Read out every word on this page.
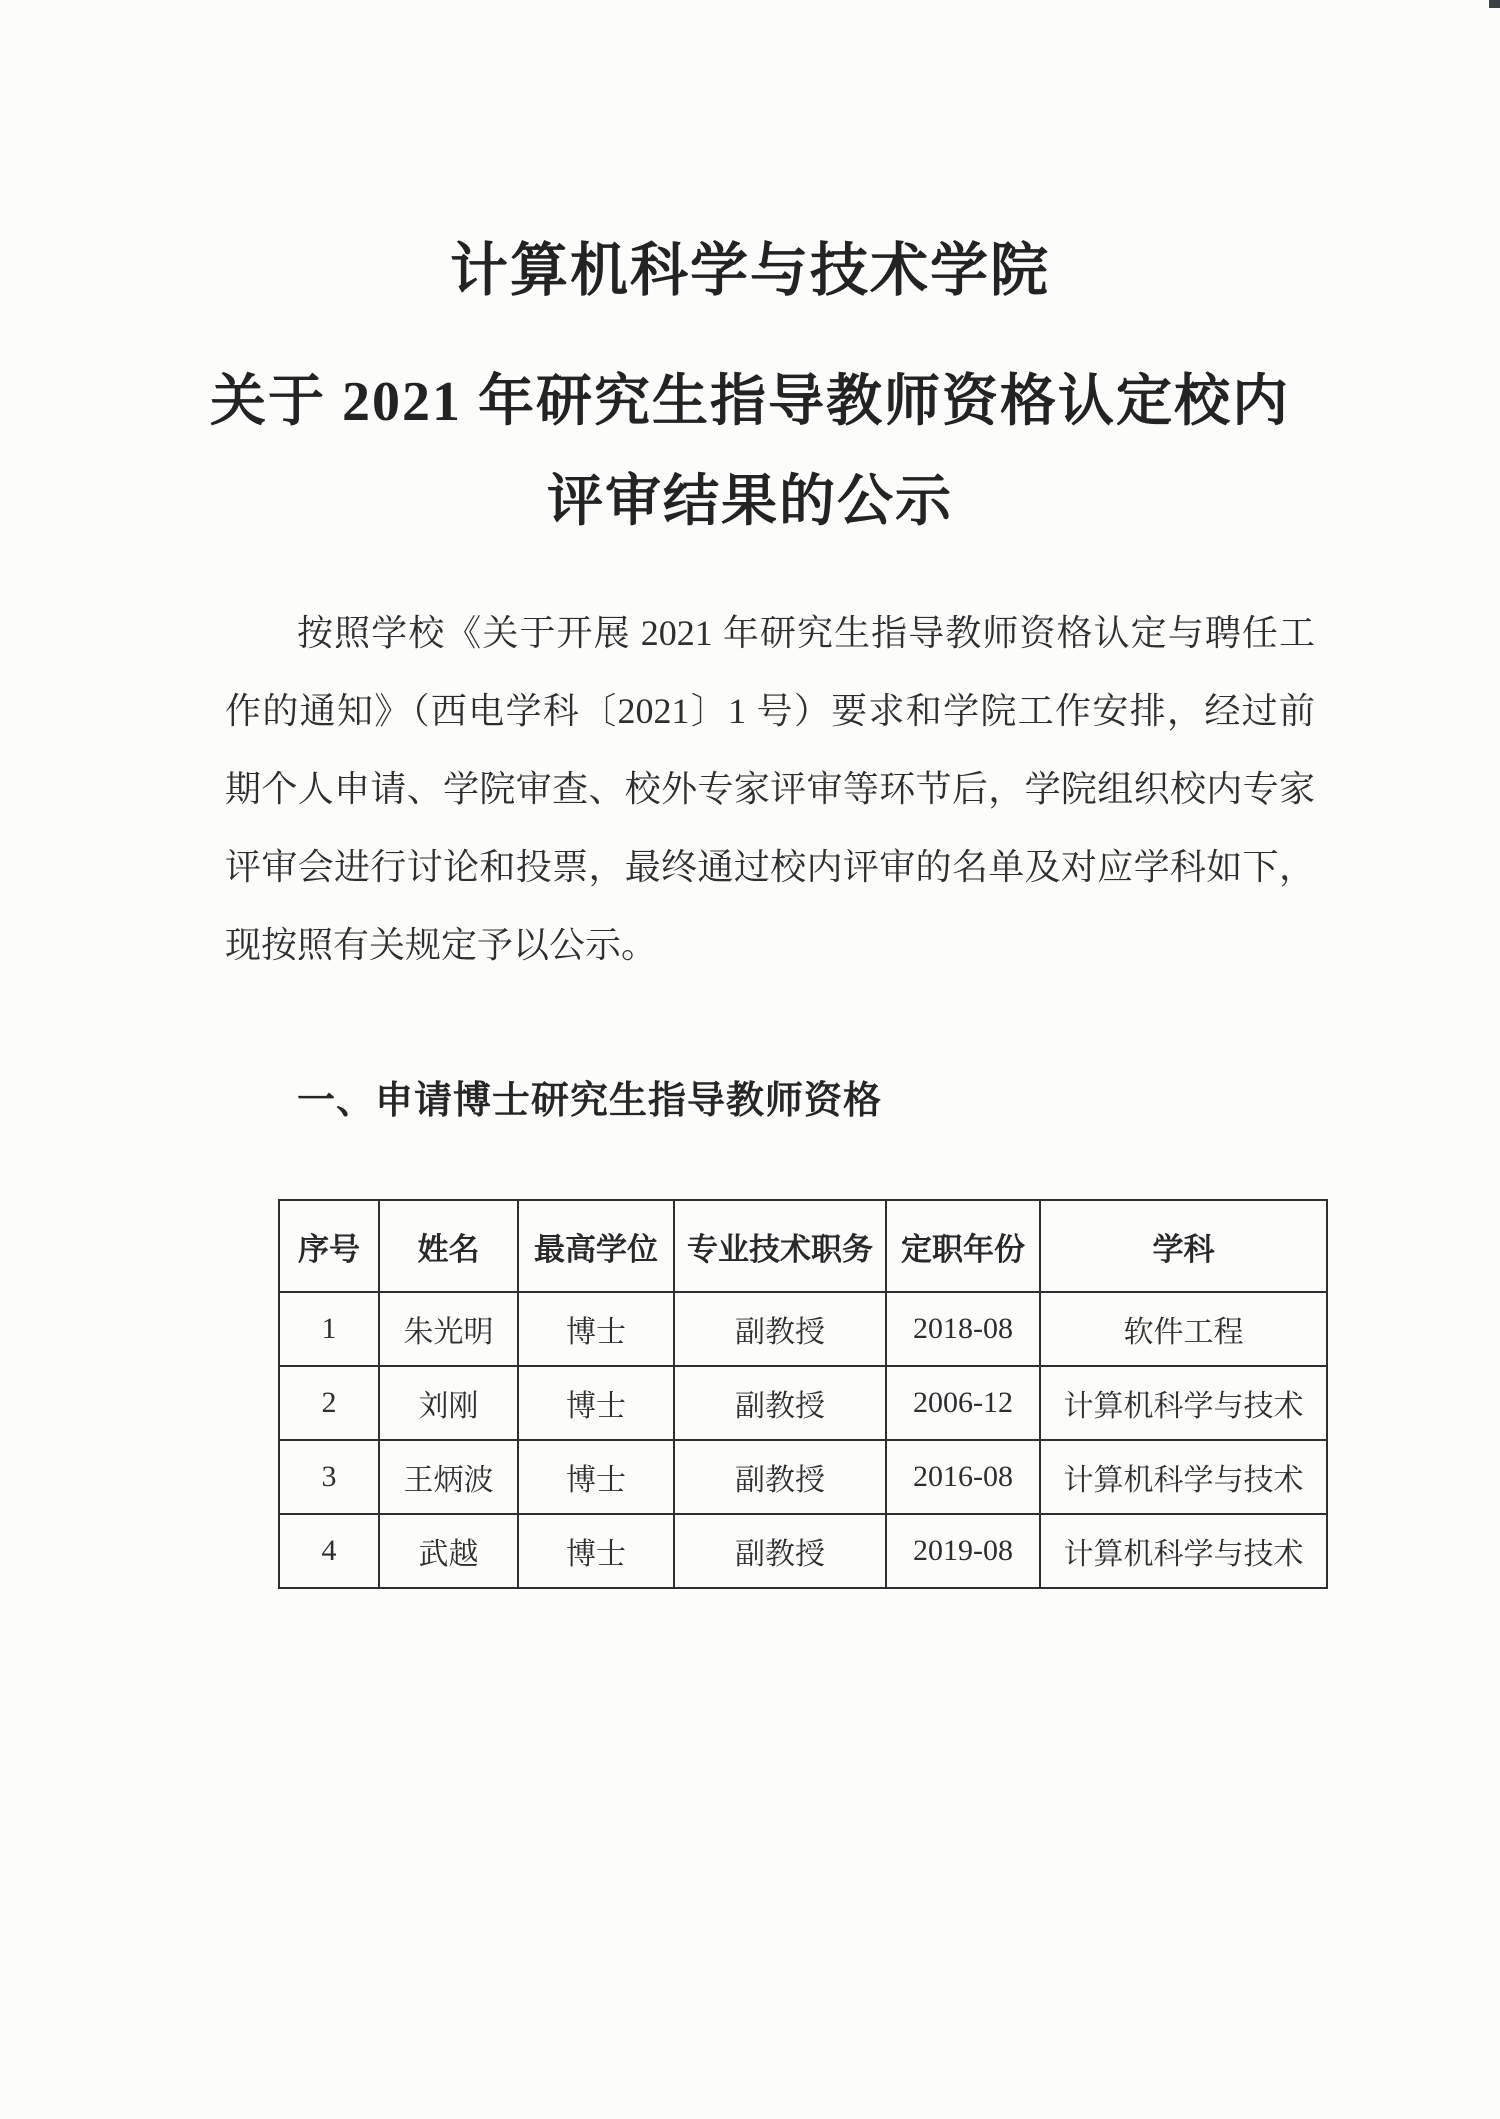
计算机科学与技术学院
关于 2021 年研究生指导教师资格认定校内
评审结果的公示
按照学校《关于开展 2021 年研究生指导教师资格认定与聘任工
作的通知》（西电学科〔2021〕1 号）要求和学院工作安排，经过前
期个人申请、学院审查、校外专家评审等环节后，学院组织校内专家
评审会进行讨论和投票，最终通过校内评审的名单及对应学科如下，
现按照有关规定予以公示。
一、申请博士研究生指导教师资格
序号	姓名	最高学位	专业技术职务	定职年份	学科
1	朱光明	博士	副教授	2018-08	软件工程
2	刘刚	博士	副教授	2006-12	计算机科学与技术
3	王炳波	博士	副教授	2016-08	计算机科学与技术
4	武越	博士	副教授	2019-08	计算机科学与技术
